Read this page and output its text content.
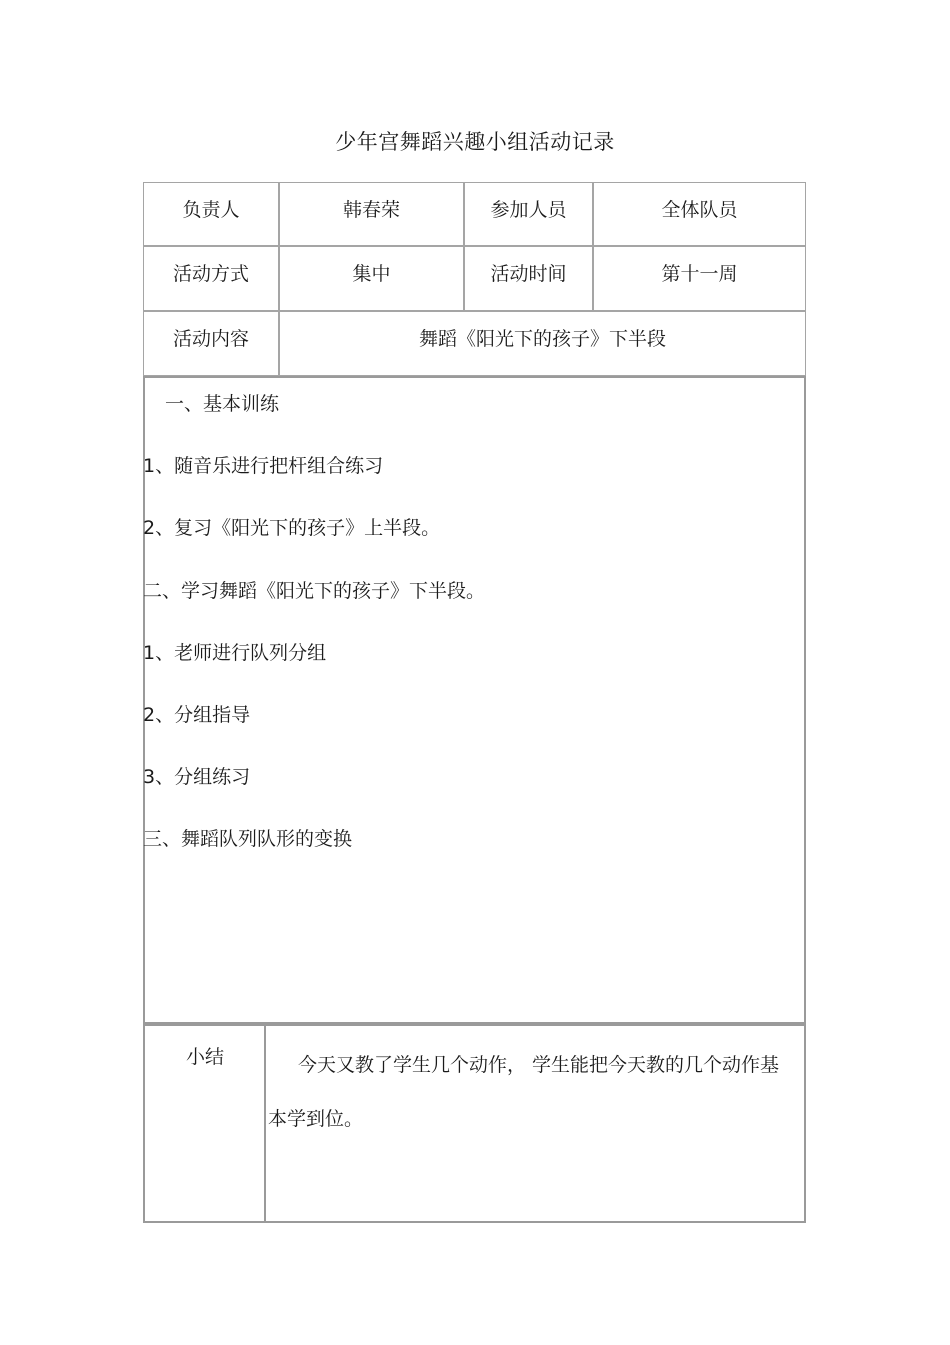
少年宫舞蹈兴趣小组活动记录
负责人	韩春荣	参加人员	全体队员
活动方式	集中	活动时间	第十一周
活动内容	舞蹈《阳光下的孩子》下半段
一、基本训练
1、随音乐进行把杆组合练习
2、复习《阳光下的孩子》上半段。
二、学习舞蹈《阳光下的孩子》下半段。
1、老师进行队列分组
2、分组指导
3、分组练习
三、舞蹈队列队形的变换
小结	今天又教了学生几个动作， 学生能把今天教的几个动作基本学到位。
